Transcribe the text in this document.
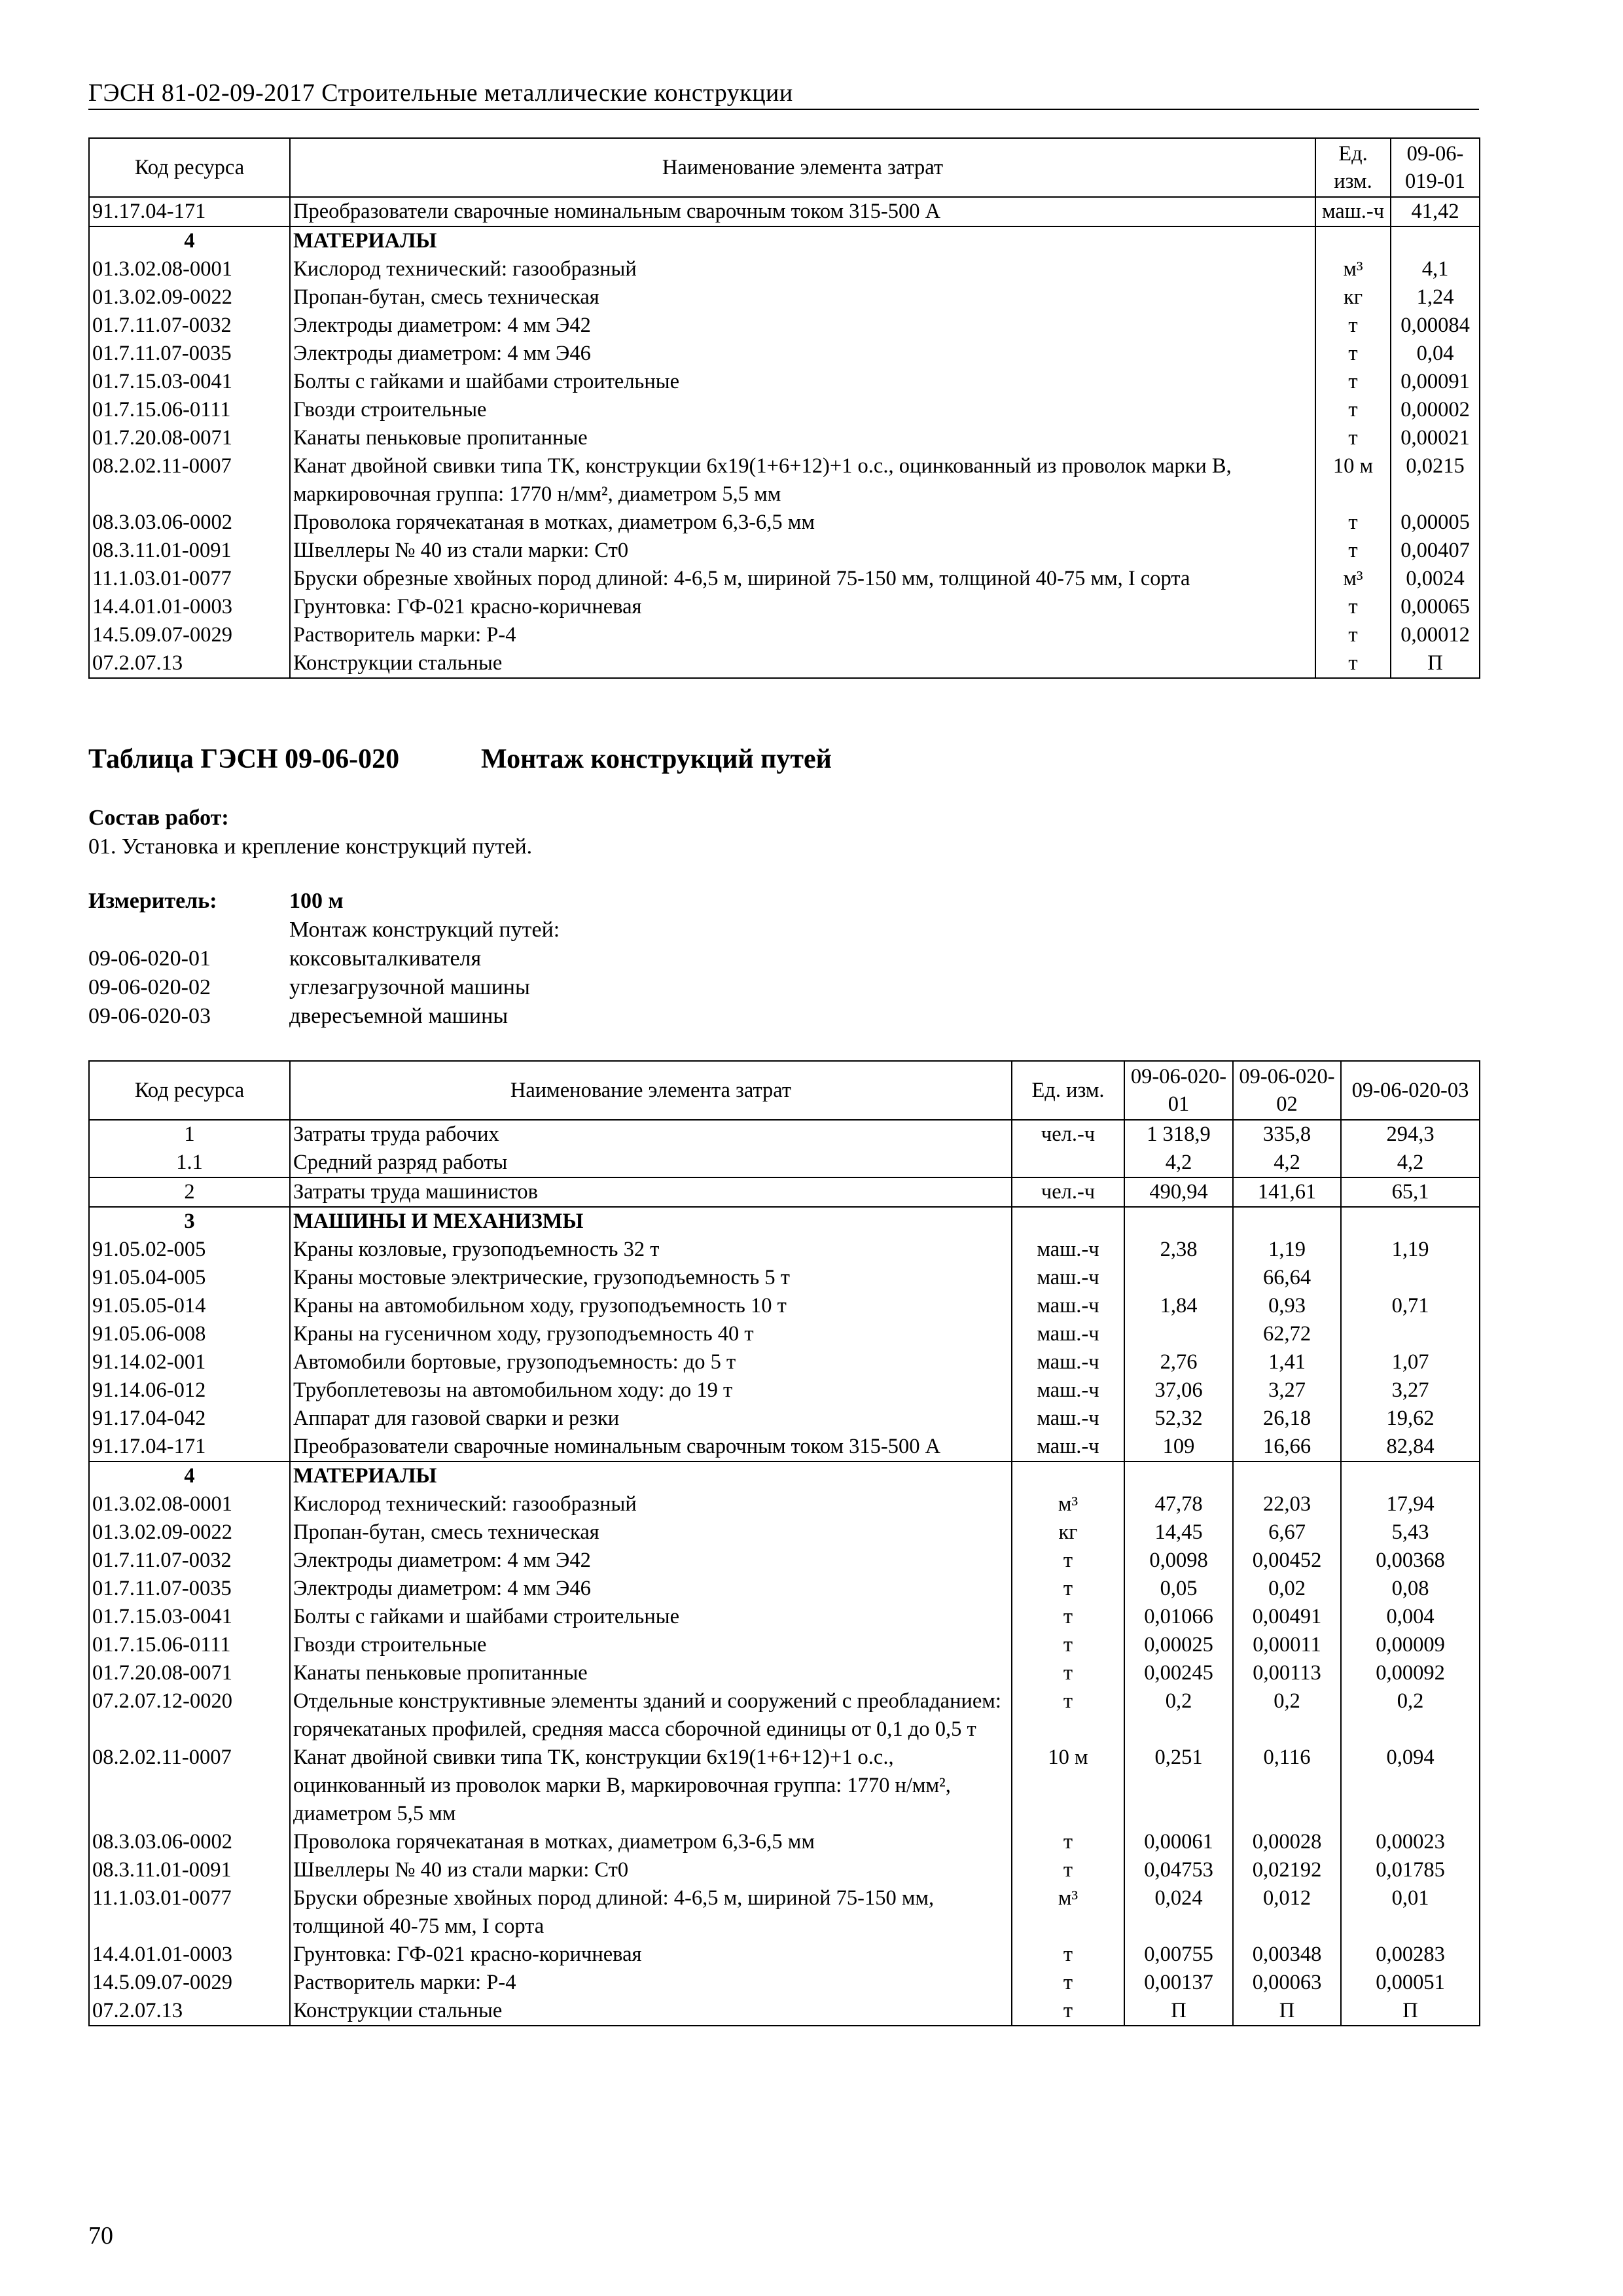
ГЭСН 81-02-09-2017 Строительные металлические конструкции
Код ресурса	Наименование элемента затрат	Ед. изм.	09-06-019-01
91.17.04-171	Преобразователи сварочные номинальным сварочным током 315-500 А	маш.-ч	41,42
4	МАТЕРИАЛЫ		
01.3.02.08-0001	Кислород технический: газообразный	м³	4,1
01.3.02.09-0022	Пропан-бутан, смесь техническая	кг	1,24
01.7.11.07-0032	Электроды диаметром: 4 мм Э42	т	0,00084
01.7.11.07-0035	Электроды диаметром: 4 мм Э46	т	0,04
01.7.15.03-0041	Болты с гайками и шайбами строительные	т	0,00091
01.7.15.06-0111	Гвозди строительные	т	0,00002
01.7.20.08-0071	Канаты пеньковые пропитанные	т	0,00021
08.2.02.11-0007	Канат двойной свивки типа ТК, конструкции 6х19(1+6+12)+1 о.с., оцинкованный из проволок марки В, маркировочная группа: 1770 н/мм², диаметром 5,5 мм	10 м	0,0215
08.3.03.06-0002	Проволока горячекатаная в мотках, диаметром 6,3-6,5 мм	т	0,00005
08.3.11.01-0091	Швеллеры № 40 из стали марки: Ст0	т	0,00407
11.1.03.01-0077	Бруски обрезные хвойных пород длиной: 4-6,5 м, шириной 75-150 мм, толщиной 40-75 мм, I сорта	м³	0,0024
14.4.01.01-0003	Грунтовка: ГФ-021 красно-коричневая	т	0,00065
14.5.09.07-0029	Растворитель марки: Р-4	т	0,00012
07.2.07.13	Конструкции стальные	т	П
Таблица ГЭСН 09-06-020	Монтаж конструкций путей
Состав работ:
01. Установка и крепление конструкций путей.
Измеритель:	100 м
Монтаж конструкций путей:
09-06-020-01	коксовыталкивателя
09-06-020-02	углезагрузочной машины
09-06-020-03	двересъемной машины
Код ресурса	Наименование элемента затрат	Ед. изм.	09-06-020-01	09-06-020-02	09-06-020-03
1	Затраты труда рабочих	чел.-ч	1 318,9	335,8	294,3
1.1	Средний разряд работы		4,2	4,2	4,2
2	Затраты труда машинистов	чел.-ч	490,94	141,61	65,1
3	МАШИНЫ И МЕХАНИЗМЫ				
91.05.02-005	Краны козловые, грузоподъемность 32 т	маш.-ч	2,38	1,19	1,19
91.05.04-005	Краны мостовые электрические, грузоподъемность 5 т	маш.-ч		66,64	
91.05.05-014	Краны на автомобильном ходу, грузоподъемность 10 т	маш.-ч	1,84	0,93	0,71
91.05.06-008	Краны на гусеничном ходу, грузоподъемность 40 т	маш.-ч		62,72	
91.14.02-001	Автомобили бортовые, грузоподъемность: до 5 т	маш.-ч	2,76	1,41	1,07
91.14.06-012	Трубоплетевозы на автомобильном ходу: до 19 т	маш.-ч	37,06	3,27	3,27
91.17.04-042	Аппарат для газовой сварки и резки	маш.-ч	52,32	26,18	19,62
91.17.04-171	Преобразователи сварочные номинальным сварочным током 315-500 А	маш.-ч	109	16,66	82,84
4	МАТЕРИАЛЫ				
01.3.02.08-0001	Кислород технический: газообразный	м³	47,78	22,03	17,94
01.3.02.09-0022	Пропан-бутан, смесь техническая	кг	14,45	6,67	5,43
01.7.11.07-0032	Электроды диаметром: 4 мм Э42	т	0,0098	0,00452	0,00368
01.7.11.07-0035	Электроды диаметром: 4 мм Э46	т	0,05	0,02	0,08
01.7.15.03-0041	Болты с гайками и шайбами строительные	т	0,01066	0,00491	0,004
01.7.15.06-0111	Гвозди строительные	т	0,00025	0,00011	0,00009
01.7.20.08-0071	Канаты пеньковые пропитанные	т	0,00245	0,00113	0,00092
07.2.07.12-0020	Отдельные конструктивные элементы зданий и сооружений с преобладанием: горячекатаных профилей, средняя масса сборочной единицы от 0,1 до 0,5 т	т	0,2	0,2	0,2
08.2.02.11-0007	Канат двойной свивки типа ТК, конструкции 6х19(1+6+12)+1 о.с., оцинкованный из проволок марки В, маркировочная группа: 1770 н/мм², диаметром 5,5 мм	10 м	0,251	0,116	0,094
08.3.03.06-0002	Проволока горячекатаная в мотках, диаметром 6,3-6,5 мм	т	0,00061	0,00028	0,00023
08.3.11.01-0091	Швеллеры № 40 из стали марки: Ст0	т	0,04753	0,02192	0,01785
11.1.03.01-0077	Бруски обрезные хвойных пород длиной: 4-6,5 м, шириной 75-150 мм, толщиной 40-75 мм, I сорта	м³	0,024	0,012	0,01
14.4.01.01-0003	Грунтовка: ГФ-021 красно-коричневая	т	0,00755	0,00348	0,00283
14.5.09.07-0029	Растворитель марки: Р-4	т	0,00137	0,00063	0,00051
07.2.07.13	Конструкции стальные	т	П	П	П
70
